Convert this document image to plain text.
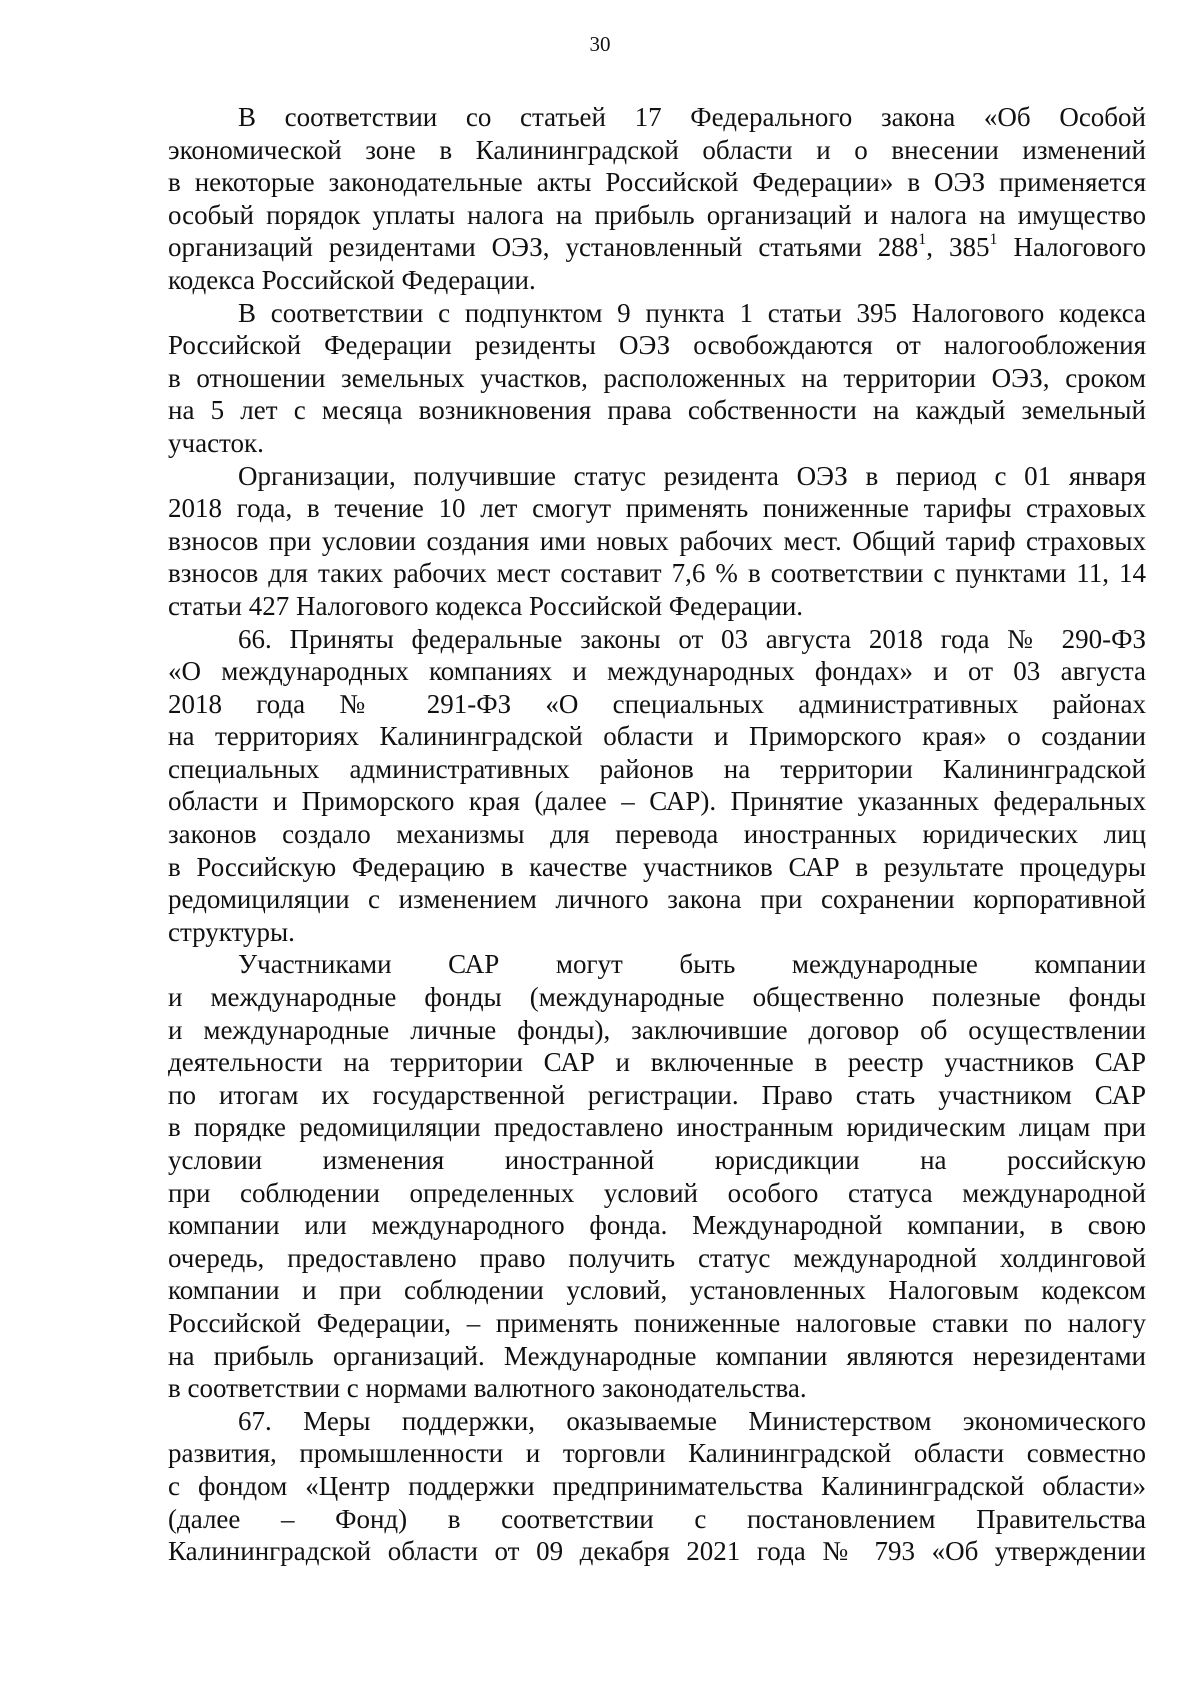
30
В соответствии со статьей 17 Федерального закона «Об Особой
экономической зоне в Калининградской области и о внесении изменений
в некоторые законодательные акты Российской Федерации» в ОЭЗ применяется
особый порядок уплаты налога на прибыль организаций и налога на имущество
организаций резидентами ОЭЗ, установленный статьями $288^1$, $385^1$ Налогового
кодекса Российской Федерации.
В соответствии с подпунктом 9 пункта 1 статьи 395 Налогового кодекса
Российской Федерации резиденты ОЭЗ освобождаются от налогообложения
в отношении земельных участков, расположенных на территории ОЭЗ, сроком
на 5 лет с месяца возникновения права собственности на каждый земельный
участок.
Организации, получившие статус резидента ОЭЗ в период с 01 января
2018 года, в течение 10 лет смогут применять пониженные тарифы страховых
взносов при условии создания ими новых рабочих мест. Общий тариф страховых
взносов для таких рабочих мест составит 7,6 % в соответствии с пунктами 11, 14
статьи 427 Налогового кодекса Российской Федерации.
66. Приняты федеральные законы от 03 августа 2018 года № 290-ФЗ
«О международных компаниях и международных фондах» и от 03 августа
2018 года № 291-ФЗ «О специальных административных районах
на территориях Калининградской области и Приморского края» о создании
специальных административных районов на территории Калининградской
области и Приморского края (далее – САР). Принятие указанных федеральных
законов создало механизмы для перевода иностранных юридических лиц
в Российскую Федерацию в качестве участников САР в результате процедуры
редомициляции с изменением личного закона при сохранении корпоративной
структуры.
Участниками САР могут быть международные компании
и международные фонды (международные общественно полезные фонды
и международные личные фонды), заключившие договор об осуществлении
деятельности на территории САР и включенные в реестр участников САР
по итогам их государственной регистрации. Право стать участником САР
в порядке редомициляции предоставлено иностранным юридическим лицам при
условии изменения иностранной юрисдикции на российскую
при соблюдении определенных условий особого статуса международной
компании или международного фонда. Международной компании, в свою
очередь, предоставлено право получить статус международной холдинговой
компании и при соблюдении условий, установленных Налоговым кодексом
Российской Федерации, – применять пониженные налоговые ставки по налогу
на прибыль организаций. Международные компании являются нерезидентами
в соответствии с нормами валютного законодательства.
67. Меры поддержки, оказываемые Министерством экономического
развития, промышленности и торговли Калининградской области совместно
с фондом «Центр поддержки предпринимательства Калининградской области»
(далее – Фонд) в соответствии с постановлением Правительства
Калининградской области от 09 декабря 2021 года № 793 «Об утверждении
